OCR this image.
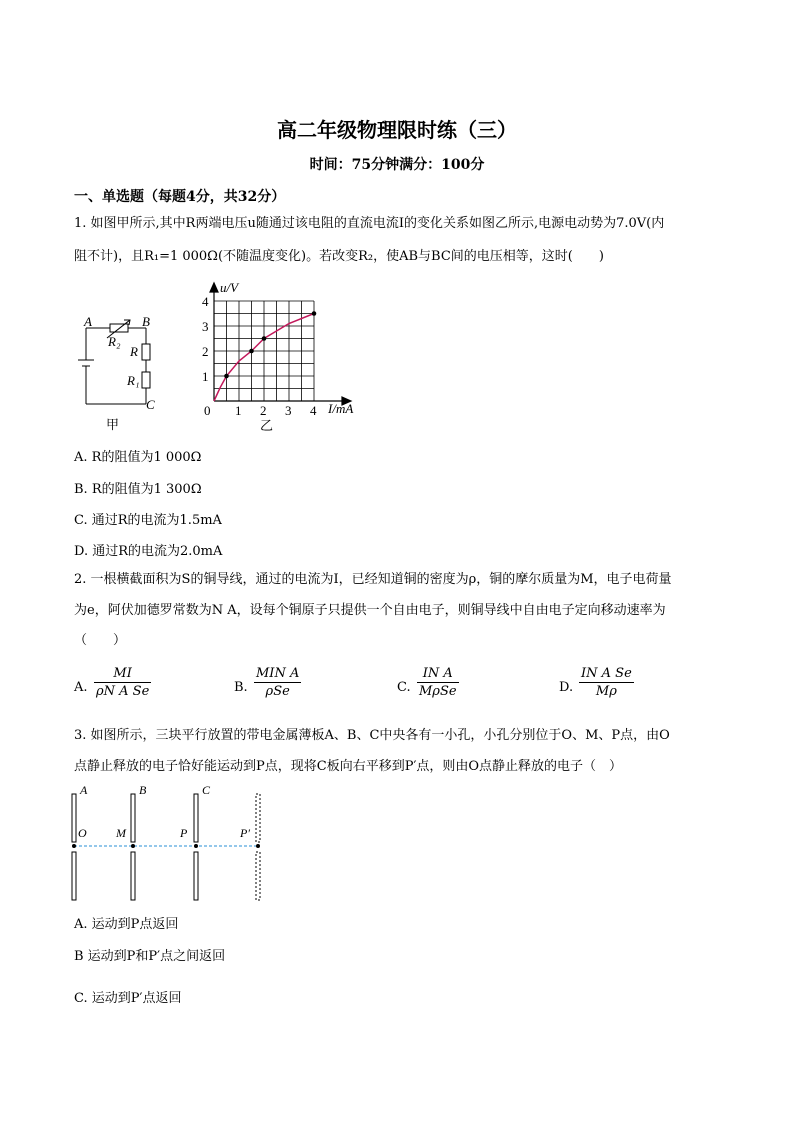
高二年级物理限时练（三）
时间：75分钟满分：100分
一、单选题（每题4分，共32分）
1. 如图甲所示,其中R两端电压u随通过该电阻的直流电流I的变化关系如图乙所示,电源电动势为7.0V(内
阻不计)，且R₁=1 000Ω(不随温度变化)。若改变R₂，使AB与BC间的电压相等，这时(　　)
A	B
R₂
R
R₁
C
甲
0 1 2 3 4
1
2
3
4
u/V
I/mA
乙
A. R的阻值为1 000Ω
B. R的阻值为1 300Ω
C. 通过R的电流为1.5mA
D. 通过R的电流为2.0mA
2. 一根横截面积为S的铜导线，通过的电流为I，已经知道铜的密度为ρ，铜的摩尔质量为M，电子电荷量
为e，阿伏加德罗常数为N A，设每个铜原子只提供一个自由电子，则铜导线中自由电子定向移动速率为
（　　）
A. $\frac{MI}{\text{ρN A Se}}$	B.
MIN A
ρSe	C.
IN A
MρSe	D. $\frac{\text{IN A Se}}{M\rho}$
3. 如图所示，三块平行放置的带电金属薄板A、B、C中央各有一小孔，小孔分别位于O、M、P点，由O
点静止释放的电子恰好能运动到P点，现将C板向右平移到P′点，则由O点静止释放的电子（　）
A	B	C
O M	P	P′
A. 运动到P点返回
B 运动到P和P′点之间返回
C. 运动到P′点返回
